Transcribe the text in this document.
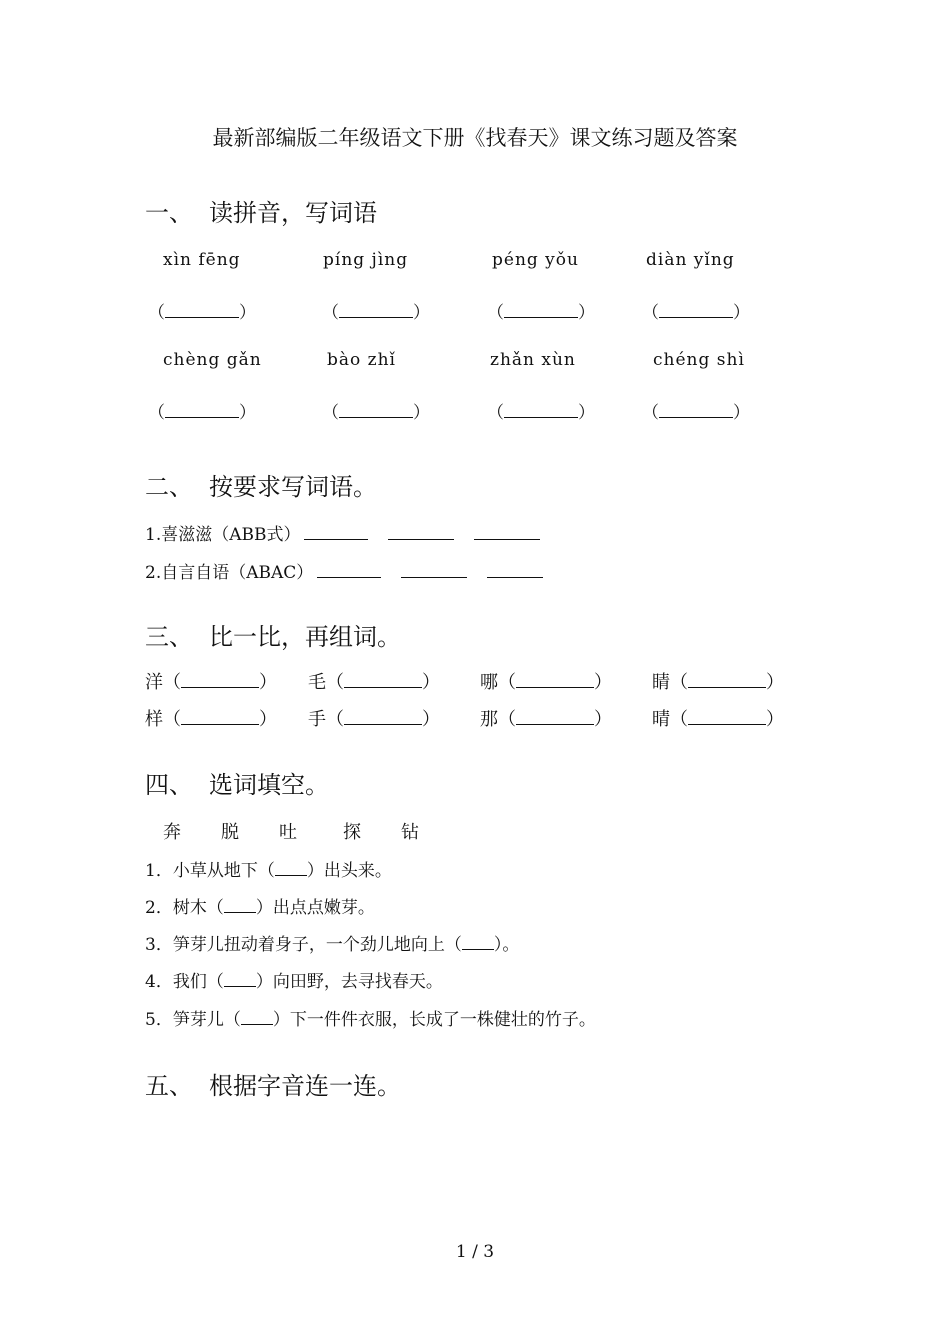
最新部编版二年级语文下册《找春天》课文练习题及答案
一、 读拼音，写词语
xìn fēng	píng jìng	péng yǒu	diàn yǐng
（	）	（	）	（	）	（	）
chèng gǎn	bào zhǐ	zhǎn xùn	chéng shì
（	）	（	）	（	）	（	）
二、 按要求写词语。
1.喜滋滋（ABB式）
2.自言自语（ABAC）
三、 比一比，再组词。
洋（	） 毛（	） 哪（	） 睛（	）
样（	） 手（	） 那（	） 晴（	）
四、 选词填空。
奔 脱 吐	探 钻
1．小草从地下（ ）出头来。
2．树木（ ）出点点嫩芽。
3．笋芽儿扭动着身子，一个劲儿地向上（ ）。
4．我们（ ）向田野，去寻找春天。
5．笋芽儿（ ）下一件件衣服，长成了一株健壮的竹子。
五、 根据字音连一连。
1 / 3
